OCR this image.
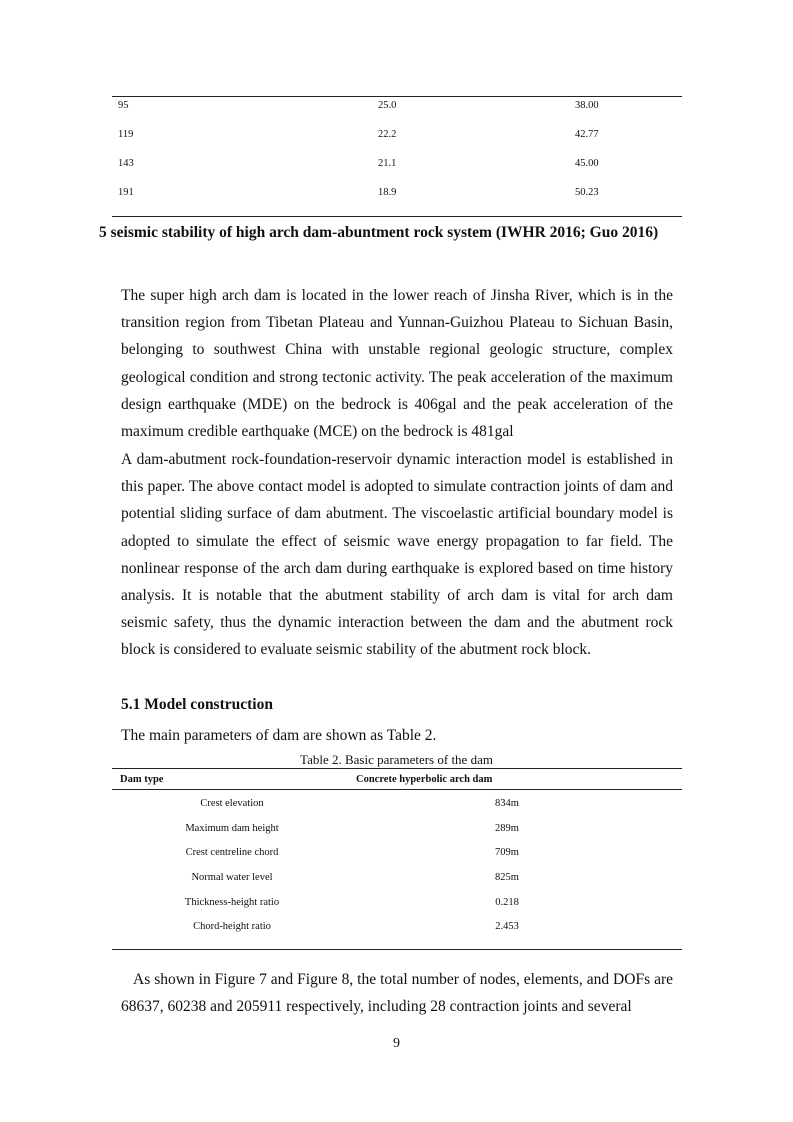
95	25.0	38.00
119	22.2	42.77
143	21.1	45.00
191	18.9	50.23
5 seismic stability of high arch dam-abuntment rock system (IWHR 2016; Guo 2016)
The super high arch dam is located in the lower reach of Jinsha River, which is in the transition region from Tibetan Plateau and Yunnan-Guizhou Plateau to Sichuan Basin, belonging to southwest China with unstable regional geologic structure, complex geological condition and strong tectonic activity. The peak acceleration of the maximum design earthquake (MDE) on the bedrock is 406gal and the peak acceleration of the maximum credible earthquake (MCE) on the bedrock is 481gal
A dam-abutment rock-foundation-reservoir dynamic interaction model is established in this paper. The above contact model is adopted to simulate contraction joints of dam and potential sliding surface of dam abutment. The viscoelastic artificial boundary model is adopted to simulate the effect of seismic wave energy propagation to far field. The nonlinear response of the arch dam during earthquake is explored based on time history analysis. It is notable that the abutment stability of arch dam is vital for arch dam seismic safety, thus the dynamic interaction between the dam and the abutment rock block is considered to evaluate seismic stability of the abutment rock block.
5.1 Model construction
The main parameters of dam are shown as Table 2.
Table 2. Basic parameters of the dam
Dam type	Concrete hyperbolic arch dam
Crest elevation	834m
Maximum dam height	289m
Crest centreline chord	709m
Normal water level	825m
Thickness-height ratio	0.218
Chord-height ratio	2.453
As shown in Figure 7 and Figure 8, the total number of nodes, elements, and DOFs are 68637, 60238 and 205911 respectively, including 28 contraction joints and several
9
